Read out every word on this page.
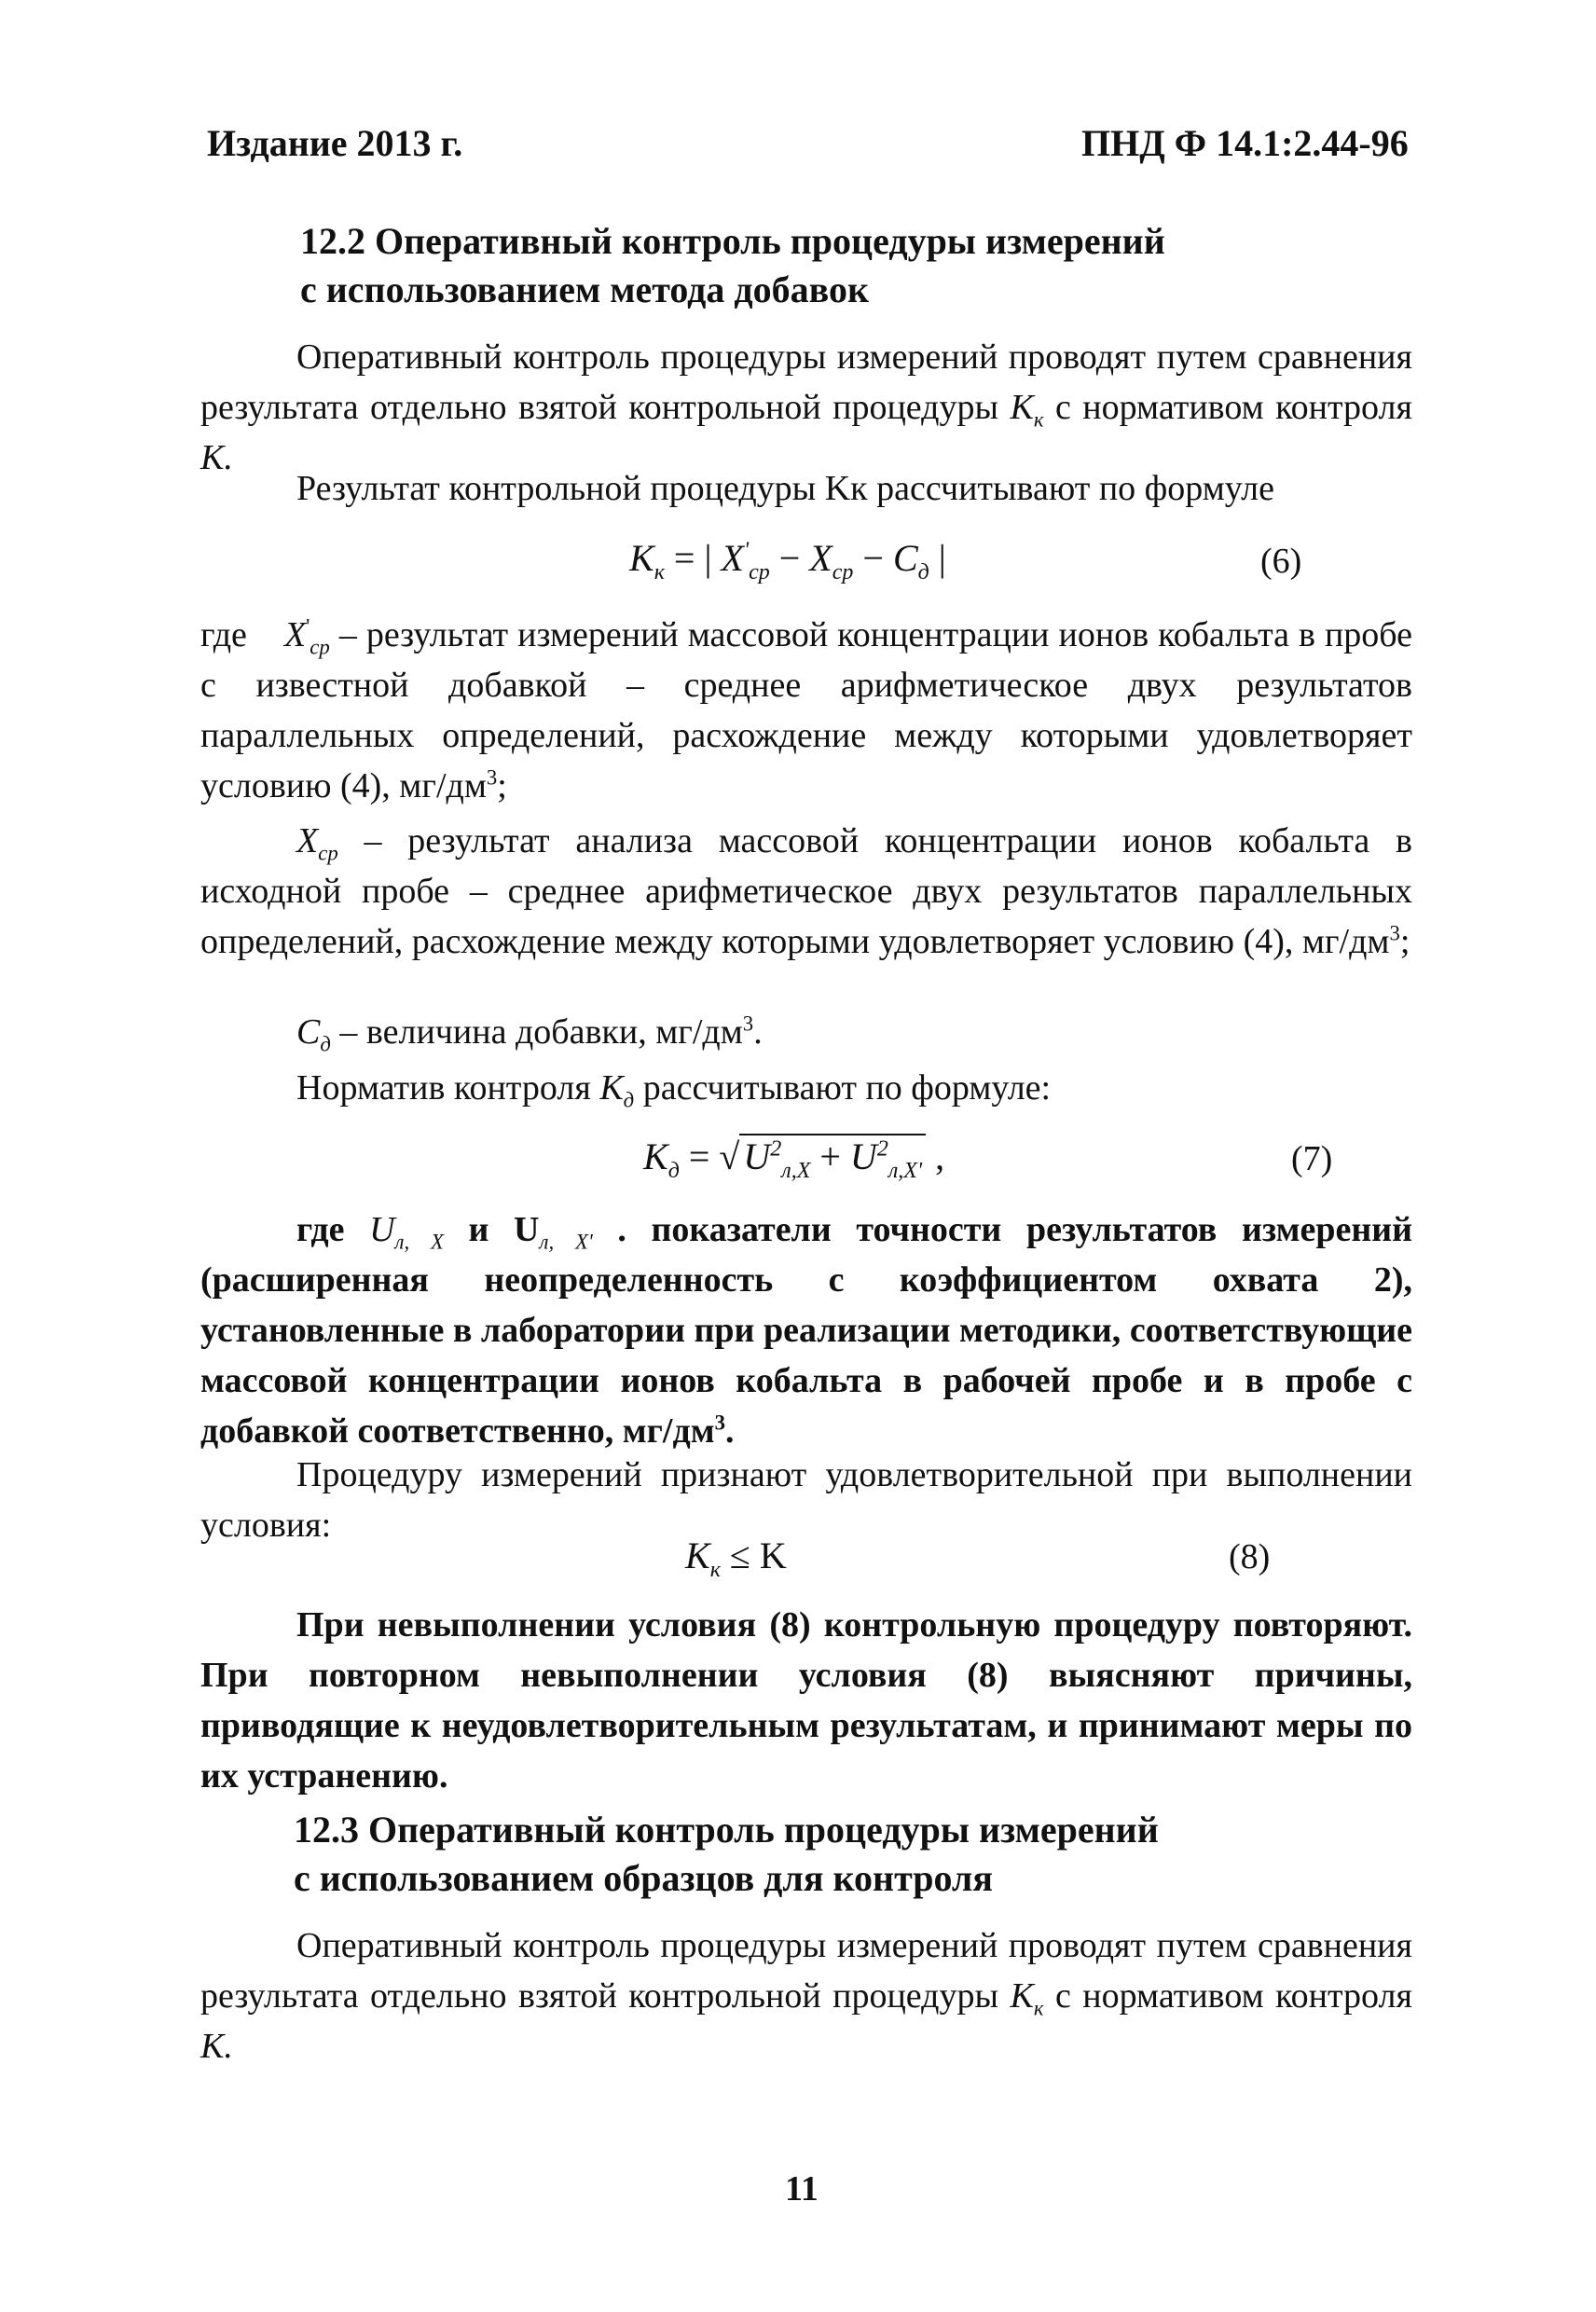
Издание 2013 г.	ПНД Ф 14.1:2.44-96
12.2 Оперативный контроль процедуры измерений
с использованием метода добавок
Оперативный контроль процедуры измерений проводят путем сравнения результата отдельно взятой контрольной процедуры $K_к$ с нормативом контроля K.
Результат контрольной процедуры Kк рассчитывают по формуле
$K_к$ = | $X'_{ср} - X_{ср} - C_д$ |	(6)
где $X'_{ср}$ – результат измерений массовой концентрации ионов кобальта в пробе с известной добавкой – среднее арифметическое двух результатов параллельных определений, расхождение между которыми удовлетворяет условию (4), $мг/дм^3$;
$X_{ср}$ – результат анализа массовой концентрации ионов кобальта в исходной пробе – среднее арифметическое двух результатов параллельных определений, расхождение между которыми удовлетворяет условию (4), $мг/дм^3$;
$C_д$ – величина добавки, $мг/дм^3$.
Норматив контроля $K_д$ рассчитывают по формуле:
$K_д$ = √ $U^2_{л,X} + U^2_{л,X'}$ ,	(7)
где $U_{л, X}$ и $U_{л, X'}$ . показатели точности результатов измерений (расширенная неопределенность с коэффициентом охвата 2), установленные в лаборатории при реализации методики, соответствующие массовой концентрации ионов кобальта в рабочей пробе и в пробе с добавкой соответственно, $мг/дм^3$.
Процедуру измерений признают удовлетворительной при выполнении условия:
$K_к \le K$	(8)
При невыполнении условия (8) контрольную процедуру повторяют. При повторном невыполнении условия (8) выясняют причины, приводящие к неудовлетворительным результатам, и принимают меры по их устранению.
12.3 Оперативный контроль процедуры измерений
с использованием образцов для контроля
Оперативный контроль процедуры измерений проводят путем сравнения результата отдельно взятой контрольной процедуры $K_к$ с нормативом контроля K.
11
